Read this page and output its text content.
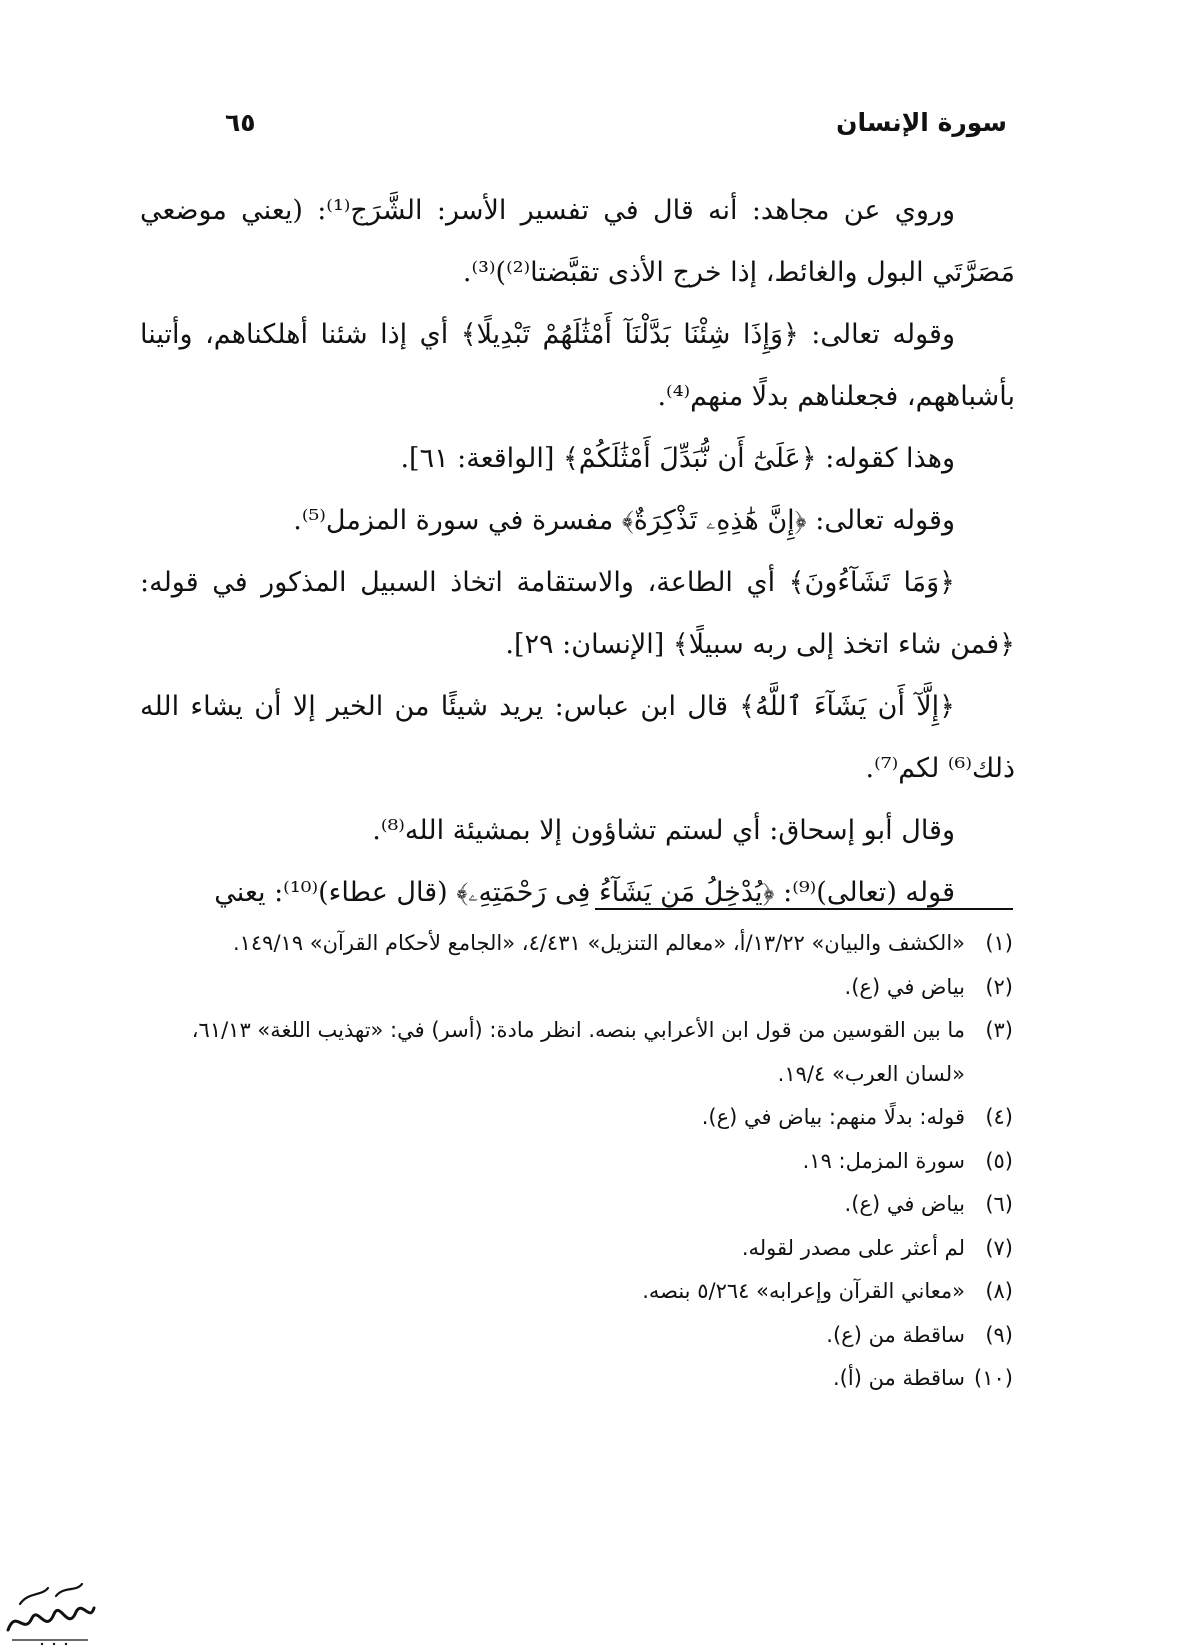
سورة الإنسان
٦٥

وروي عن مجاهد: أنه قال في تفسير الأسر: الشَّرَج⁽¹⁾: (يعني موضعي مَصَرَّتَي البول والغائط، إذا خرج الأذى تقبَّضتا⁽²⁾)⁽³⁾.

وقوله تعالى: ﴿وَإِذَا شِئْنَا بَدَّلْنَآ أَمْثَٰلَهُمْ تَبْدِيلًا﴾ أي إذا شئنا أهلكناهم، وأتينا بأشباههم، فجعلناهم بدلًا منهم⁽⁴⁾.

وهذا كقوله: ﴿عَلَىٰٓ أَن نُّبَدِّلَ أَمْثَٰلَكُمْ﴾ [الواقعة: ٦١].

وقوله تعالى: ﴿إِنَّ هَٰذِهِۦ تَذْكِرَةٌ﴾ مفسرة في سورة المزمل⁽⁵⁾.

﴿وَمَا تَشَآءُونَ﴾ أي الطاعة، والاستقامة اتخاذ السبيل المذكور في قوله: ﴿فمن شاء اتخذ إلى ربه سبيلًا﴾ [الإنسان: ٢٩].

﴿إِلَّآ أَن يَشَآءَ ٱللَّهُ﴾ قال ابن عباس: يريد شيئًا من الخير إلا أن يشاء الله ذلك⁽⁶⁾ لكم⁽⁷⁾.

وقال أبو إسحاق: أي لستم تشاؤون إلا بمشيئة الله⁽⁸⁾.

قوله (تعالى)⁽⁹⁾: ﴿يُدْخِلُ مَن يَشَآءُ فِى رَحْمَتِهِۦ﴾ (قال عطاء)⁽¹⁰⁾: يعني

(١)
«الكشف والبيان» ١٣/٢٢/أ، «معالم التنزيل» ٤/٤٣١، «الجامع لأحكام القرآن» ١٤٩/١٩.
(٢)
بياض في (ع).
(٣)
ما بين القوسين من قول ابن الأعرابي بنصه. انظر مادة: (أسر) في: «تهذيب اللغة» ٦١/١٣، «لسان العرب» ١٩/٤.
(٤)
قوله: بدلًا منهم: بياض في (ع).
(٥)
سورة المزمل: ١٩.
(٦)
بياض في (ع).
(٧)
لم أعثر على مصدر لقوله.
(٨)
«معاني القرآن وإعرابه» ٥/٢٦٤ بنصه.
(٩)
ساقطة من (ع).
(١٠)
ساقطة من (أ).
